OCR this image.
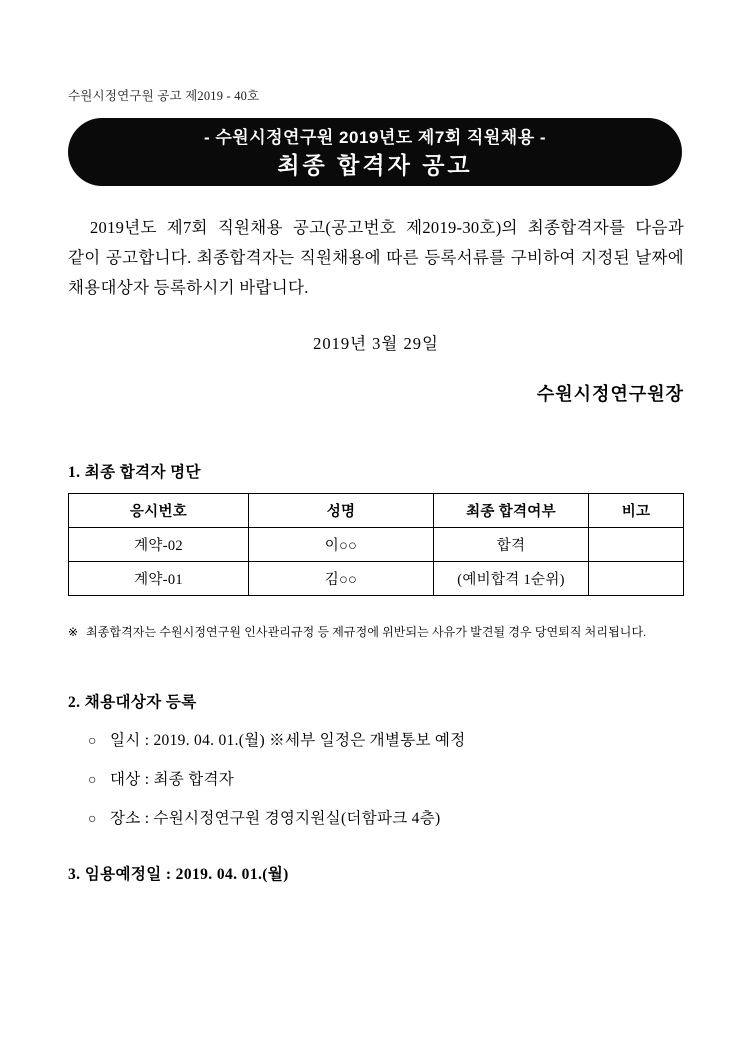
수원시정연구원 공고 제2019 - 40호
- 수원시정연구원 2019년도 제7회 직원채용 -
최종 합격자 공고
2019년도 제7회 직원채용 공고(공고번호 제2019-30호)의 최종합격자를 다음과 같이 공고합니다. 최종합격자는 직원채용에 따른 등록서류를 구비하여 지정된 날짜에 채용대상자 등록하시기 바랍니다.
2019년 3월 29일
수원시정연구원장
1. 최종 합격자 명단
응시번호	성명	최종 합격여부	비고
계약-02	이○○	합격	
계약-01	김○○	(예비합격 1순위)	
※ 최종합격자는 수원시정연구원 인사관리규정 등 제규정에 위반되는 사유가 발견될 경우 당연퇴직 처리됩니다.
2. 채용대상자 등록
○ 일시 : 2019. 04. 01.(월) ※세부 일정은 개별통보 예정
○ 대상 : 최종 합격자
○ 장소 : 수원시정연구원 경영지원실(더함파크 4층)
3. 임용예정일 : 2019. 04. 01.(월)
